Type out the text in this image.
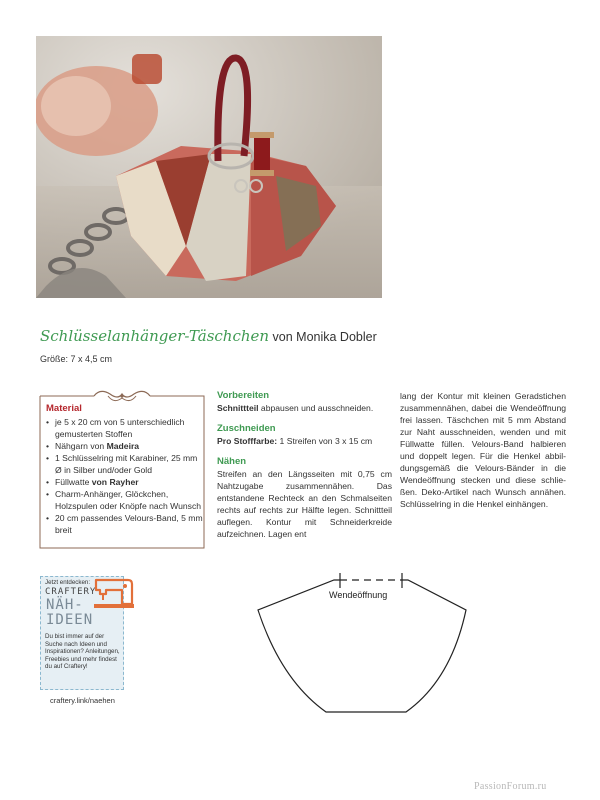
Schlüsselanhänger-Täschchen von Monika Dobler
Größe: 7 x 4,5 cm
Material
• je 5 x 20 cm von 5 unterschiedlich gemusterten Stoffen
• Nähgarn von Madeira
• 1 Schlüsselring mit Karabiner, 25 mm Ø in Silber und/oder Gold
• Füllwatte von Rayher
• Charm-Anhänger, Glöckchen, Holzspulen oder Knöpfe nach Wunsch
• 20 cm passendes Velours-Band, 5 mm breit
Vorbereiten
Schnittteil abpausen und ausschneiden.
Zuschneiden
Pro Stofffarbe: 1 Streifen von 3 x 15 cm
Nähen
Streifen an den Längsseiten mit 0,75 cm Nahtzugabe zusammennähen. Das entstandene Rechteck an den Schmalseiten rechts auf rechts zur Hälfte legen. Schnittteil auflegen. Kontur mit Schneiderkreide aufzeichnen. Lagen ent
lang der Kontur mit kleinen Geradstichen zusammennähen, dabei die Wendeöffnung frei lassen. Täschchen mit 5 mm Abstand zur Naht ausschneiden, wenden und mit Füllwatte füllen. Velours-Band halbieren und doppelt legen. Für die Henkel abbildungsgemäß die Velours-Bänder in die Wendeöffnung stecken und diese schließen. Deko-Artikel nach Wunsch annähen. Schlüsselring in die Henkel einhängen.
Jetzt entdecken:
CRAFTERY
NÄH-
IDEEN
Du bist immer auf der Suche nach Ideen und Inspirationen? Anleitungen, Freebies und mehr findest du auf Craftery!
craftery.link/naehen
Wendeöffnung
PassionForum.ru
